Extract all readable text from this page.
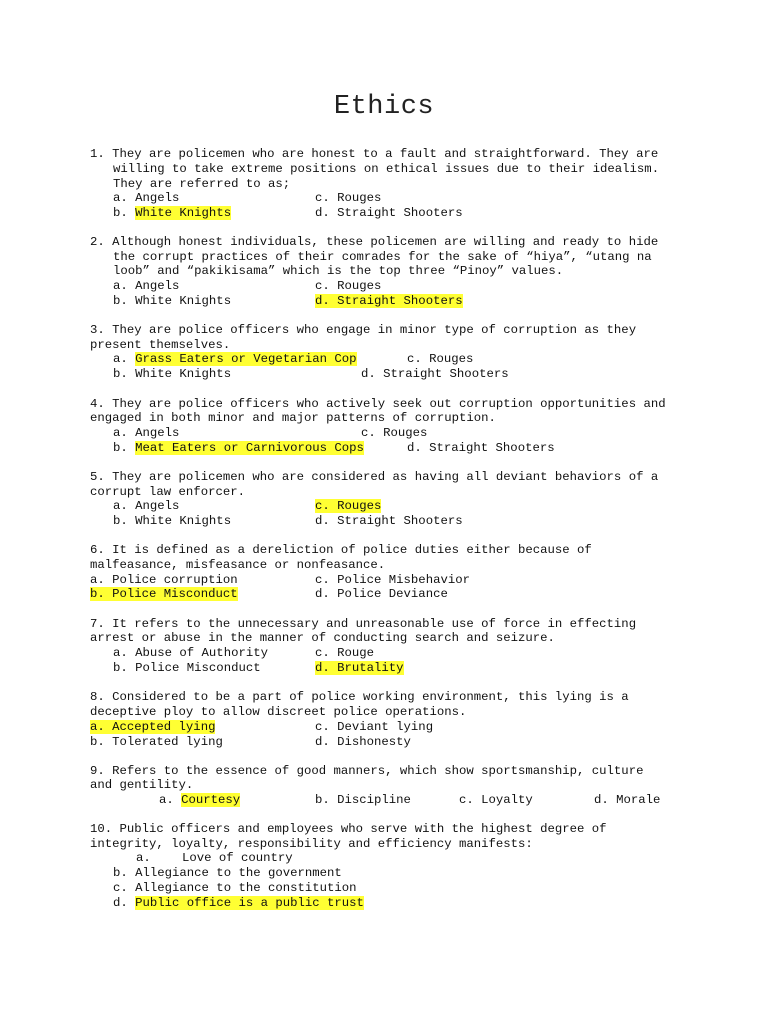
Ethics
1. They are policemen who are honest to a fault and straightforward. They are
willing to take extreme positions on ethical issues due to their idealism.
They are referred to as;
a. Angels	c. Rouges
b. White Knights	d. Straight Shooters
2. Although honest individuals, these policemen are willing and ready to hide
the corrupt practices of their comrades for the sake of “hiya”, “utang na
loob” and “pakikisama” which is the top three “Pinoy” values.
a. Angels	c. Rouges
b. White Knights	d. Straight Shooters
3. They are police officers who engage in minor type of corruption as they
present themselves.
a. Grass Eaters or Vegetarian Cop	c. Rouges
b. White Knights	d. Straight Shooters
4. They are police officers who actively seek out corruption opportunities and
engaged in both minor and major patterns of corruption.
a. Angels	c. Rouges
b. Meat Eaters or Carnivorous Cops	d. Straight Shooters
5. They are policemen who are considered as having all deviant behaviors of a
corrupt law enforcer.
a. Angels	c. Rouges
b. White Knights	d. Straight Shooters
6. It is defined as a dereliction of police duties either because of
malfeasance, misfeasance or nonfeasance.
a. Police corruption	c. Police Misbehavior
b. Police Misconduct	d. Police Deviance
7. It refers to the unnecessary and unreasonable use of force in effecting
arrest or abuse in the manner of conducting search and seizure.
a. Abuse of Authority	c. Rouge
b. Police Misconduct	d. Brutality
8. Considered to be a part of police working environment, this lying is a
deceptive ploy to allow discreet police operations.
a. Accepted lying	c. Deviant lying
b. Tolerated lying	d. Dishonesty
9. Refers to the essence of good manners, which show sportsmanship, culture
and gentility.
a. Courtesy	b. Discipline	c. Loyalty	d. Morale
10. Public officers and employees who serve with the highest degree of
integrity, loyalty, responsibility and efficiency manifests:
a.	Love of country
b. Allegiance to the government
c. Allegiance to the constitution
d. Public office is a public trust
